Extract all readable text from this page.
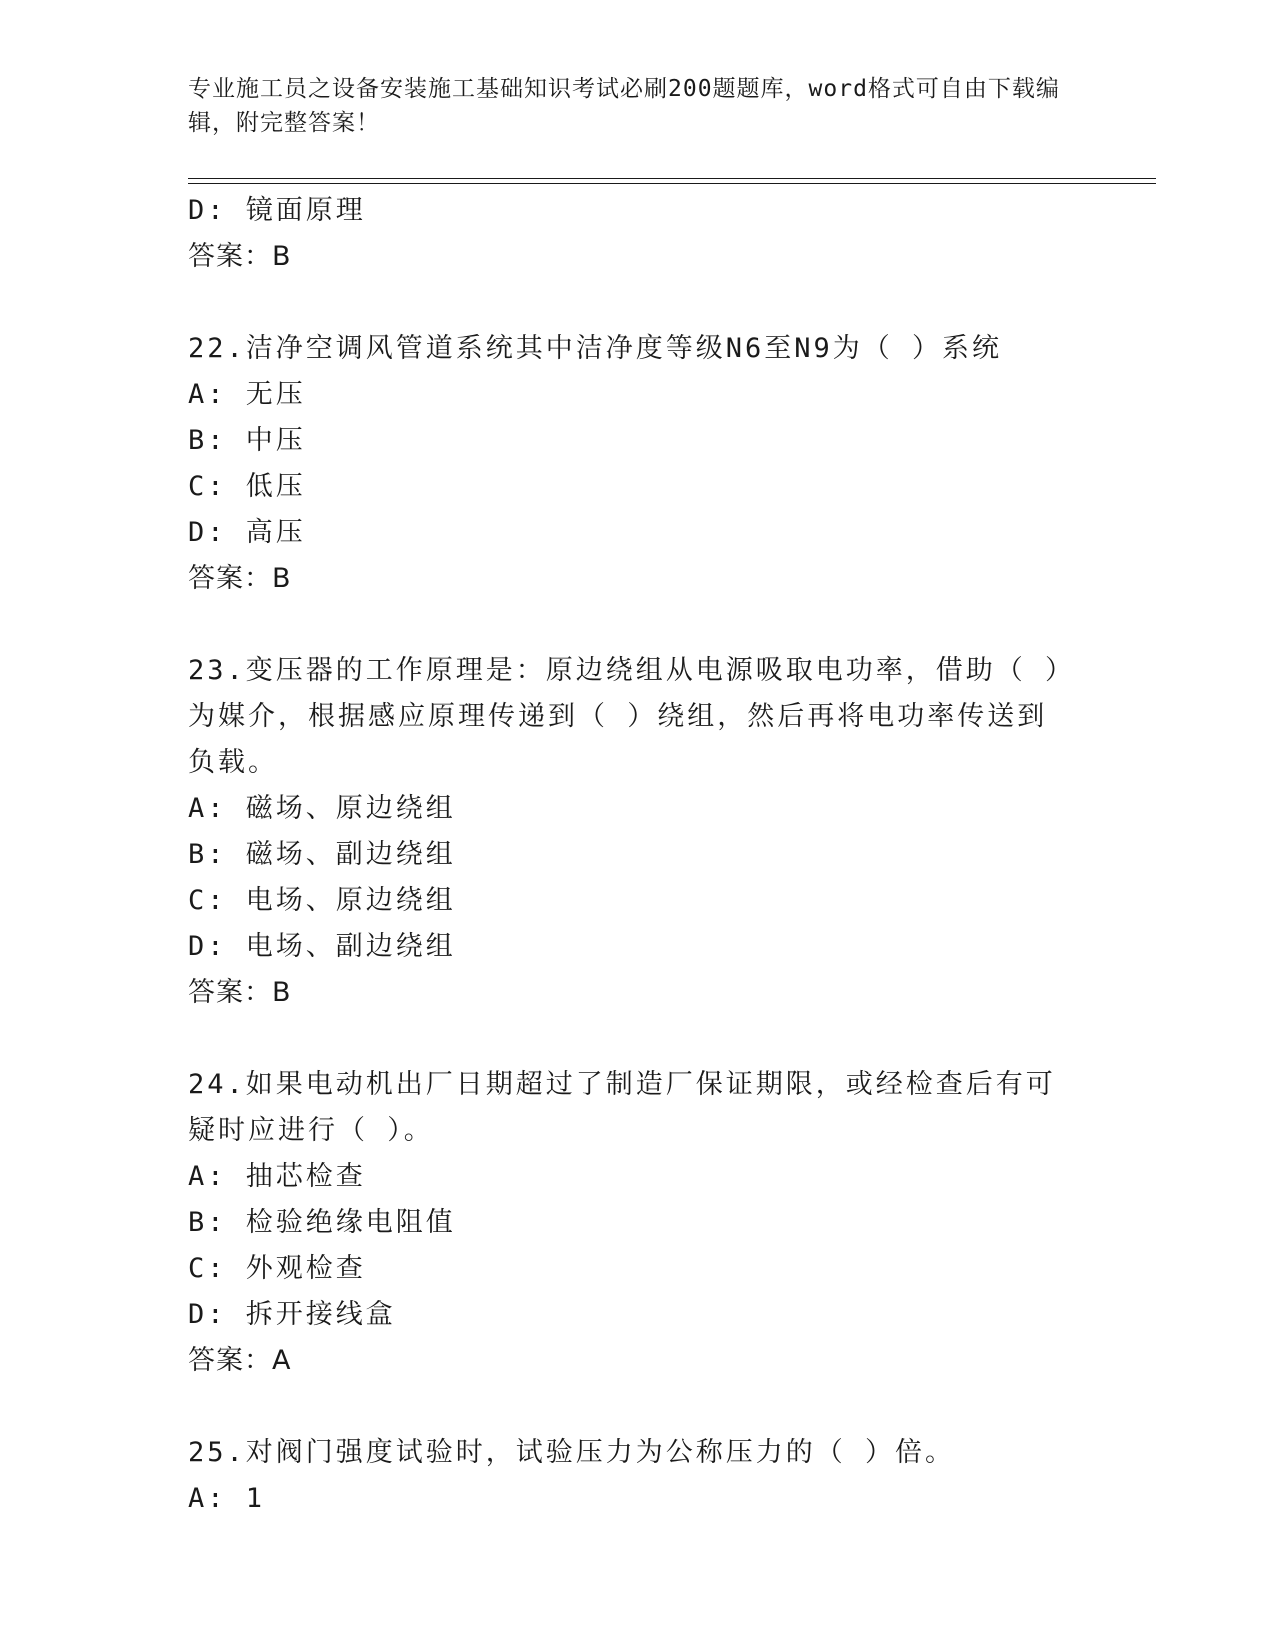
专业施工员之设备安装施工基础知识考试必刷200题题库，word格式可自由下载编辑，附完整答案！
D: 镜面原理
答案：B
22.洁净空调风管道系统其中洁净度等级N6至N9为（ ）系统
A: 无压
B: 中压
C: 低压
D: 高压
答案：B
23.变压器的工作原理是：原边绕组从电源吸取电功率，借助（ ）为媒介，根据感应原理传递到（ ）绕组，然后再将电功率传送到负载。
A: 磁场、原边绕组
B: 磁场、副边绕组
C: 电场、原边绕组
D: 电场、副边绕组
答案：B
24.如果电动机出厂日期超过了制造厂保证期限，或经检查后有可疑时应进行（ ）。
A: 抽芯检查
B: 检验绝缘电阻值
C: 外观检查
D: 拆开接线盒
答案：A
25.对阀门强度试验时，试验压力为公称压力的（ ）倍。
A: 1
